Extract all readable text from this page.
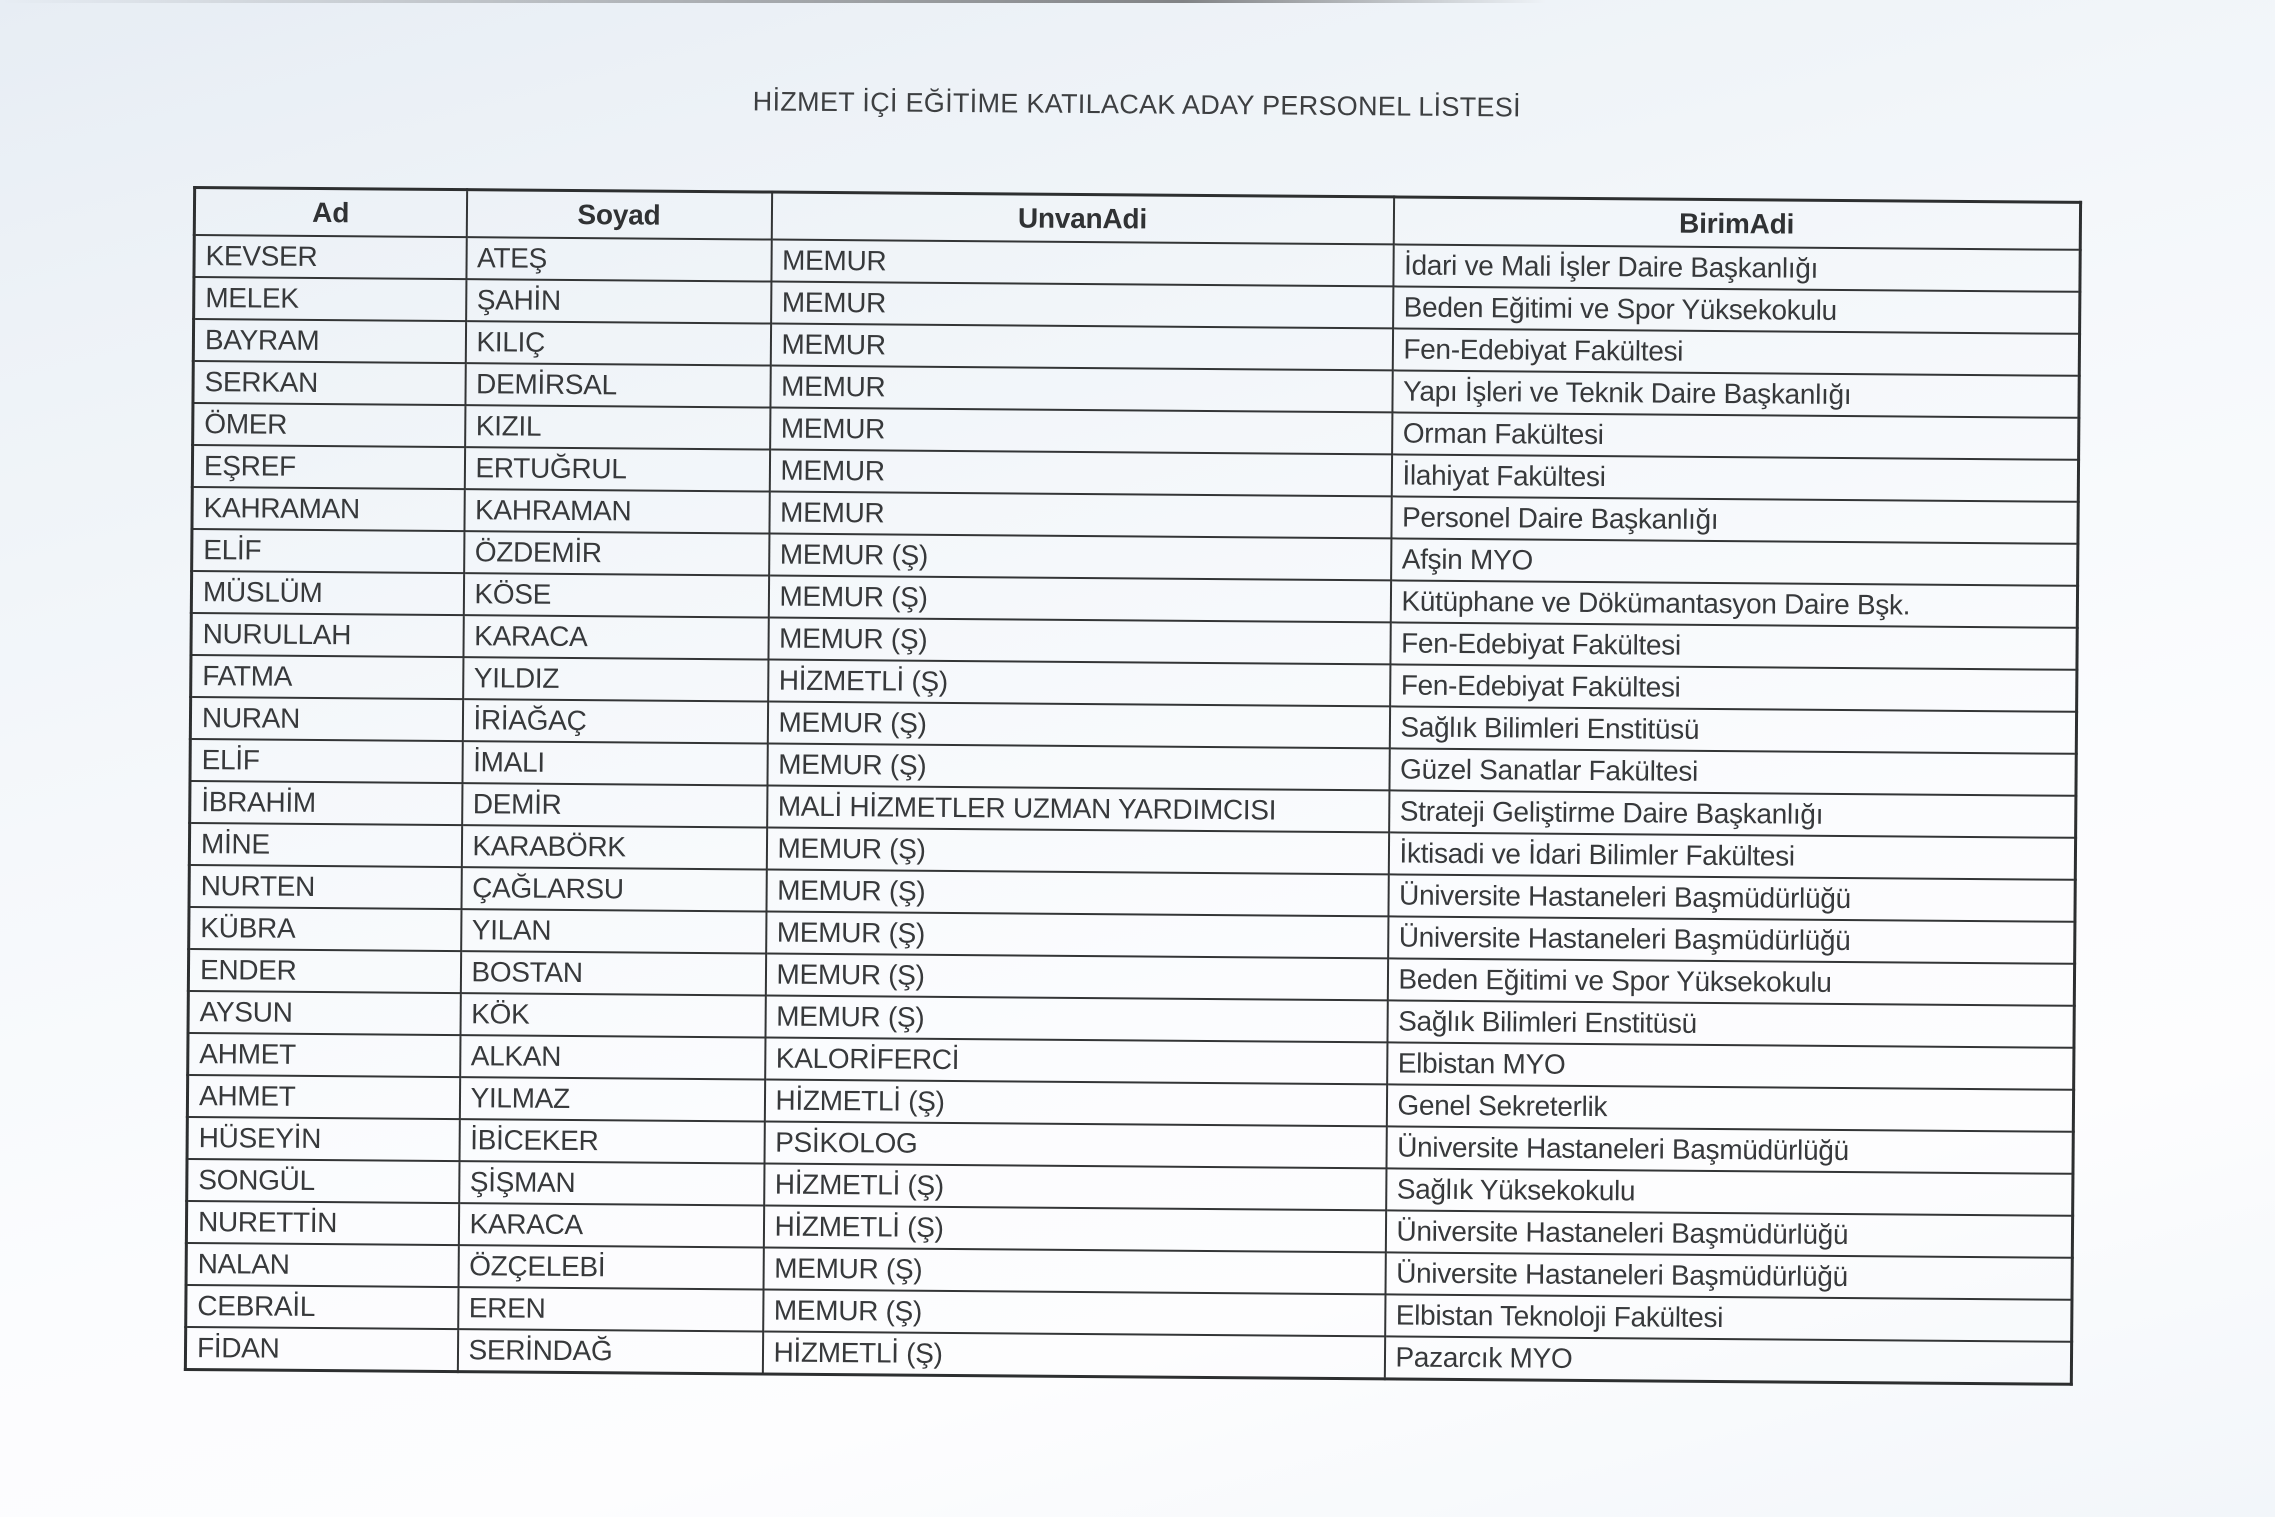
HİZMET İÇİ EĞİTİME KATILACAK ADAY PERSONEL LİSTESİ
Ad	Soyad	UnvanAdi	BirimAdi
KEVSER	ATEŞ	MEMUR	İdari ve Mali İşler Daire Başkanlığı
MELEK	ŞAHİN	MEMUR	Beden Eğitimi ve Spor Yüksekokulu
BAYRAM	KILIÇ	MEMUR	Fen-Edebiyat Fakültesi
SERKAN	DEMİRSAL	MEMUR	Yapı İşleri ve Teknik Daire Başkanlığı
ÖMER	KIZIL	MEMUR	Orman Fakültesi
EŞREF	ERTUĞRUL	MEMUR	İlahiyat Fakültesi
KAHRAMAN	KAHRAMAN	MEMUR	Personel Daire Başkanlığı
ELİF	ÖZDEMİR	MEMUR (Ş)	Afşin MYO
MÜSLÜM	KÖSE	MEMUR (Ş)	Kütüphane ve Dökümantasyon Daire Bşk.
NURULLAH	KARACA	MEMUR (Ş)	Fen-Edebiyat Fakültesi
FATMA	YILDIZ	HİZMETLİ (Ş)	Fen-Edebiyat Fakültesi
NURAN	İRİAĞAÇ	MEMUR (Ş)	Sağlık Bilimleri Enstitüsü
ELİF	İMALI	MEMUR (Ş)	Güzel Sanatlar Fakültesi
İBRAHİM	DEMİR	MALİ HİZMETLER UZMAN YARDIMCISI	Strateji Geliştirme Daire Başkanlığı
MİNE	KARABÖRK	MEMUR (Ş)	İktisadi ve İdari Bilimler Fakültesi
NURTEN	ÇAĞLARSU	MEMUR (Ş)	Üniversite Hastaneleri Başmüdürlüğü
KÜBRA	YILAN	MEMUR (Ş)	Üniversite Hastaneleri Başmüdürlüğü
ENDER	BOSTAN	MEMUR (Ş)	Beden Eğitimi ve Spor Yüksekokulu
AYSUN	KÖK	MEMUR (Ş)	Sağlık Bilimleri Enstitüsü
AHMET	ALKAN	KALORİFERCİ	Elbistan MYO
AHMET	YILMAZ	HİZMETLİ (Ş)	Genel Sekreterlik
HÜSEYİN	İBİCEKER	PSİKOLOG	Üniversite Hastaneleri Başmüdürlüğü
SONGÜL	ŞİŞMAN	HİZMETLİ (Ş)	Sağlık Yüksekokulu
NURETTİN	KARACA	HİZMETLİ (Ş)	Üniversite Hastaneleri Başmüdürlüğü
NALAN	ÖZÇELEBİ	MEMUR (Ş)	Üniversite Hastaneleri Başmüdürlüğü
CEBRAİL	EREN	MEMUR (Ş)	Elbistan Teknoloji Fakültesi
FİDAN	SERİNDAĞ	HİZMETLİ (Ş)	Pazarcık MYO
